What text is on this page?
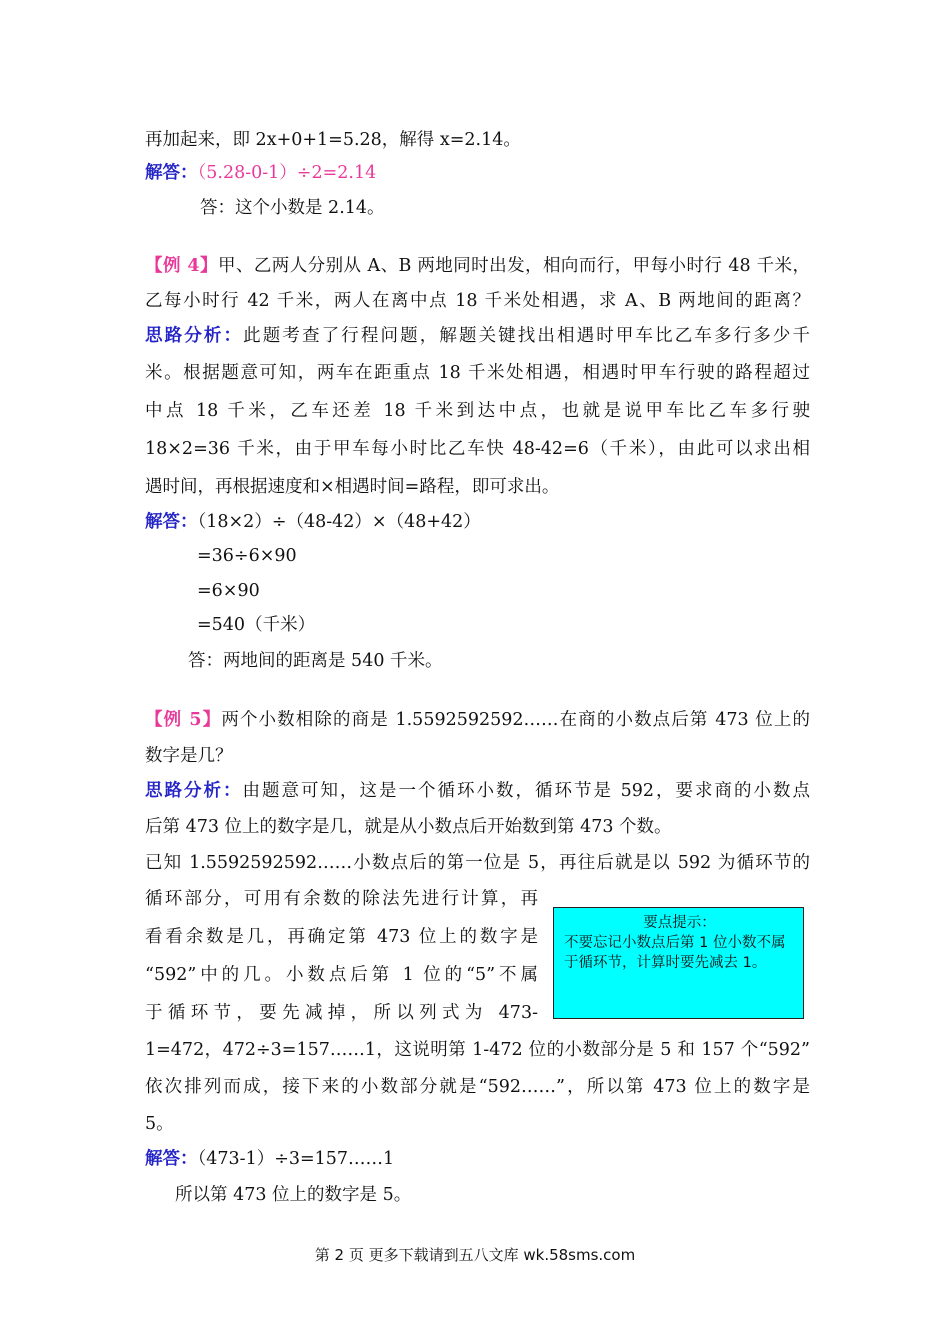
再加起来，即 2x+0+1=5.28，解得 x=2.14。
解答：（5.28-0-1）÷2=2.14
答：这个小数是 2.14。
【例 4】甲、乙两人分别从 A、B 两地同时出发，相向而行，甲每小时行 48 千米，
乙每小时行 42 千米，两人在离中点 18 千米处相遇，求 A、B 两地间的距离？
思路分析：此题考查了行程问题，解题关键找出相遇时甲车比乙车多行多少千
米。根据题意可知，两车在距重点 18 千米处相遇，相遇时甲车行驶的路程超过
中点 18 千米，乙车还差 18 千米到达中点，也就是说甲车比乙车多行驶
18×2=36 千米，由于甲车每小时比乙车快 48-42=6（千米），由此可以求出相
遇时间，再根据速度和×相遇时间=路程，即可求出。
解答：（18×2）÷（48-42）×（48+42）
=36÷6×90
=6×90
=540（千米）
答：两地间的距离是 540 千米。
【例 5】两个小数相除的商是 1.5592592592……在商的小数点后第 473 位上的
数字是几？
思路分析：由题意可知，这是一个循环小数，循环节是 592，要求商的小数点
后第 473 位上的数字是几，就是从小数点后开始数到第 473 个数。
已知 1.5592592592……小数点后的第一位是 5，再往后就是以 592 为循环节的
循环部分，可用有余数的除法先进行计算，再
看看余数是几，再确定第 473 位上的数字是
“592”中的几。小数点后第 1 位的“5”不属
于循环节，要先减掉，所以列式为 473-
1=472，472÷3=157……1，这说明第 1-472 位的小数部分是 5 和 157 个“592”
依次排列而成，接下来的小数部分就是“592……”，所以第 473 位上的数字是
5。
解答：（473-1）÷3=157……1
所以第 473 位上的数字是 5。
要点提示：
不要忘记小数点后第 1 位小数不属于循环节，计算时要先减去 1。
第 2 页 更多下载请到五八文库 wk.58sms.com
